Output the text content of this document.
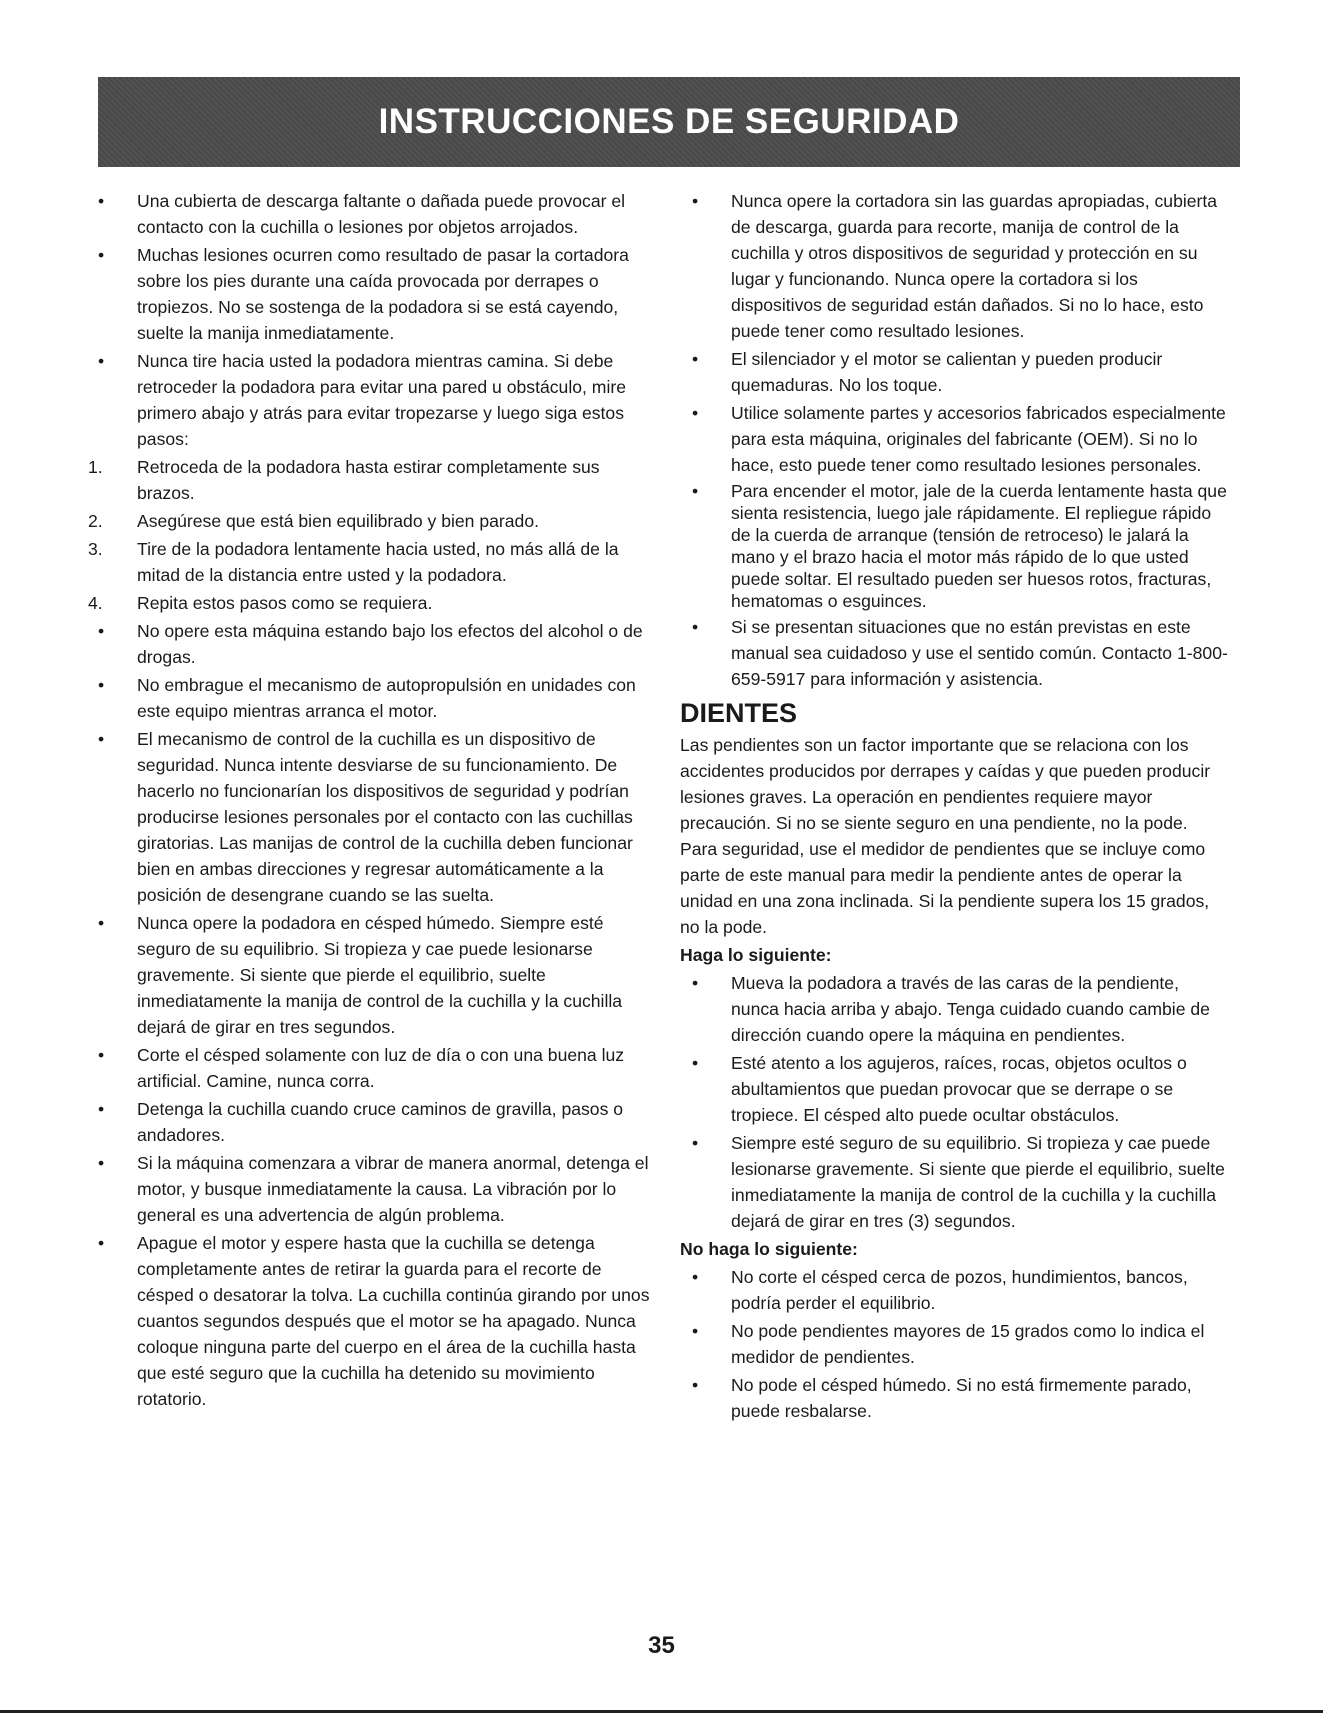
INSTRUCCIONES DE SEGURIDAD
•	Una cubierta de descarga faltante o dañada puede provocar el contacto con la cuchilla o lesiones por objetos arrojados.
•	Muchas lesiones ocurren como resultado de pasar la cortadora sobre los pies durante una caída provocada por derrapes o tropiezos. No se sostenga de la podadora si se está cayendo, suelte la manija inmediatamente.
•	Nunca tire hacia usted la podadora mientras camina. Si debe retroceder la podadora para evitar una pared u obstáculo, mire primero abajo y atrás para evitar tropezarse y luego siga estos pasos:
1.	Retroceda de la podadora hasta estirar completamente sus brazos.
2.	Asegúrese que está bien equilibrado y bien parado.
3.	Tire de la podadora lentamente hacia usted, no más allá de la mitad de la distancia entre usted y la podadora.
4.	Repita estos pasos como se requiera.
•	No opere esta máquina estando bajo los efectos del alcohol o de drogas.
•	No embrague el mecanismo de autopropulsión en unidades con este equipo mientras arranca el motor.
•	El mecanismo de control de la cuchilla es un dispositivo de seguridad. Nunca intente desviarse de su funcionamiento. De hacerlo no funcionarían los dispositivos de seguridad y podrían producirse lesiones personales por el contacto con las cuchillas giratorias. Las manijas de control de la cuchilla deben funcionar bien en ambas direcciones y regresar automáticamente a la posición de desengrane cuando se las suelta.
•	Nunca opere la podadora en césped húmedo. Siempre esté seguro de su equilibrio. Si tropieza y cae puede lesionarse gravemente. Si siente que pierde el equilibrio, suelte inmediatamente la manija de control de la cuchilla y la cuchilla dejará de girar en tres segundos.
•	Corte el césped solamente con luz de día o con una buena luz artificial. Camine, nunca corra.
•	Detenga la cuchilla cuando cruce caminos de gravilla, pasos o andadores.
•	Si la máquina comenzara a vibrar de manera anormal, detenga el motor, y busque inmediatamente la causa. La vibración por lo general es una advertencia de algún problema.
•	Apague el motor y espere hasta que la cuchilla se detenga completamente antes de retirar la guarda para el recorte de césped o desatorar la tolva. La cuchilla continúa girando por unos cuantos segundos después que el motor se ha apagado. Nunca coloque ninguna parte del cuerpo en el área de la cuchilla hasta que esté seguro que la cuchilla ha detenido su movimiento rotatorio.
•	Nunca opere la cortadora sin las guardas apropiadas, cubierta de descarga, guarda para recorte, manija de control de la cuchilla y otros dispositivos de seguridad y protección en su lugar y funcionando. Nunca opere la cortadora si los dispositivos de seguridad están dañados. Si no lo hace, esto puede tener como resultado lesiones.
•	El silenciador y el motor se calientan y pueden producir quemaduras. No los toque.
•	Utilice solamente partes y accesorios fabricados especialmente para esta máquina, originales del fabricante (OEM). Si no lo hace, esto puede tener como resultado lesiones personales.
•	Para encender el motor, jale de la cuerda lentamente hasta que sienta resistencia, luego jale rápidamente. El repliegue rápido de la cuerda de arranque (tensión de retroceso) le jalará la mano y el brazo hacia el motor más rápido de lo que usted puede soltar. El resultado pueden ser huesos rotos, fracturas, hematomas o esguinces.
•	Si se presentan situaciones que no están previstas en este manual sea cuidadoso y use el sentido común. Contacto 1-800-659-5917 para información y asistencia.
DIENTES

Las pendientes son un factor importante que se relaciona con los accidentes producidos por derrapes y caídas y que pueden producir lesiones graves. La operación en pendientes requiere mayor precaución. Si no se siente seguro en una pendiente, no la pode. Para seguridad, use el medidor de pendientes que se incluye como parte de este manual para medir la pendiente antes de operar la unidad en una zona inclinada. Si la pendiente supera los 15 grados, no la pode.

Haga lo siguiente:
•	Mueva la podadora a través de las caras de la pendiente, nunca hacia arriba y abajo. Tenga cuidado cuando cambie de dirección cuando opere la máquina en pendientes.
•	Esté atento a los agujeros, raíces, rocas, objetos ocultos o abultamientos que puedan provocar que se derrape o se tropiece. El césped alto puede ocultar obstáculos.
•	Siempre esté seguro de su equilibrio. Si tropieza y cae puede lesionarse gravemente. Si siente que pierde el equilibrio, suelte inmediatamente la manija de control de la cuchilla y la cuchilla dejará de girar en tres (3) segundos.
No haga lo siguiente:
•	No corte el césped cerca de pozos, hundimientos, bancos, podría perder el equilibrio.
•	No pode pendientes mayores de 15 grados como lo indica el medidor de pendientes.
•	No pode el césped húmedo. Si no está firmemente parado, puede resbalarse.
35
